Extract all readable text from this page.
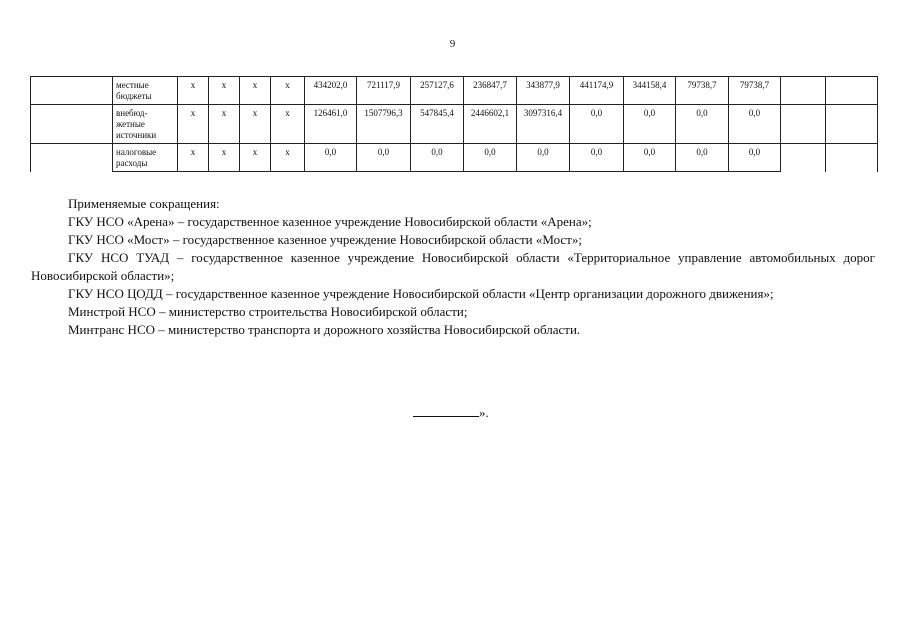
9

	местные
бюджеты	х	х	х	х	434202,0	721117,9	257127,6	236847,7	343877,9	441174,9	344158,4	79738,7	79738,7		

	внебюд-
жетные
источники	х	х	х	х	126461,0	1507796,3	547845,4	2446602,1	3097316,4	0,0	0,0	0,0	0,0		

	налоговые
расходы	х	х	х	х	0,0	0,0	0,0	0,0	0,0	0,0	0,0	0,0	0,0		

Применяемые сокращения:

ГКУ НСО «Арена» – государственное казенное учреждение Новосибирской области «Арена»;

ГКУ НСО «Мост» – государственное казенное учреждение Новосибирской области «Мост»;

ГКУ НСО ТУАД – государственное казенное учреждение Новосибирской области «Территориальное управление автомобильных дорог Новосибирской области»;

ГКУ НСО ЦОДД – государственное казенное учреждение Новосибирской области «Центр организации дорожного движения»;

Минстрой НСО – министерство строительства Новосибирской области;

Минтранс НСО – министерство транспорта и дорожного хозяйства Новосибирской области.

».
